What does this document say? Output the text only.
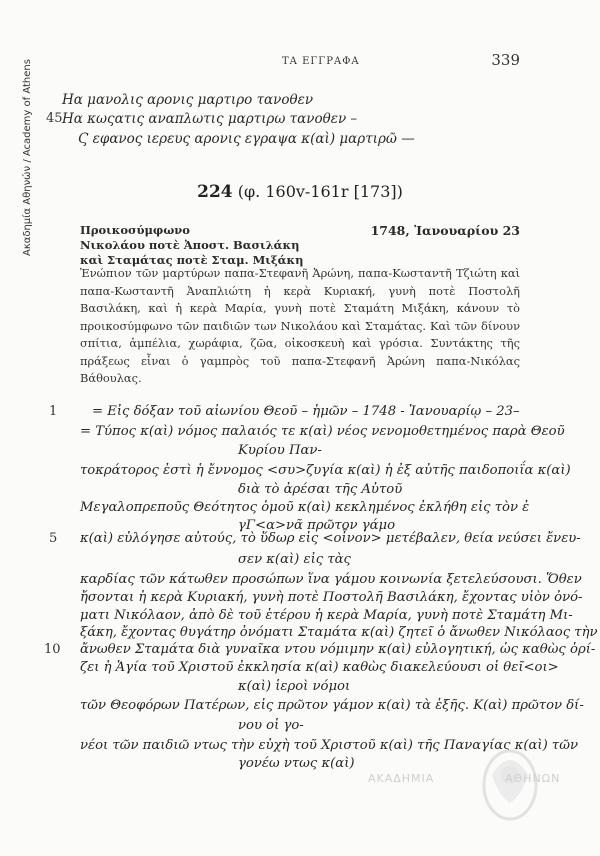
Ακαδημία Αθηνών / Academy of Athens	ΤΑ ΕΓΓΡΑΦΑ	339
45
Ηα μανολις αρονις μαρτιρο τανοθεν
Ηα κωςατις αναπλωτις μαρτιρω τανοθεν –
Ϛ εφανος ιερευς αρονις εγραψα κ(αὶ) μαρτιρῶ —
224 (φ. 160v-161r [173])
Προικοσύμφωνο
Νικολάου ποτὲ Ἀποστ. Βασιλάκη
καὶ Σταμάτας ποτὲ Σταμ. Μιξάκη
1748, Ἰανουαρίου 23
Ἐνώπιον τῶν μαρτύρων παπα-Στεφανῆ Ἀρώνη, παπα-Κωσταντῆ Τζιώτη καὶ παπα-Κωσταντῆ Ἀναπλιώτη ἡ κερὰ Κυριακή, γυνὴ ποτὲ Ποστολῆ Βασιλάκη, καὶ ἡ κερὰ Μαρία, γυνὴ ποτὲ Σταμάτη Μιξάκη, κάνουν τὸ προικοσύμφωνο τῶν παιδιῶν των Νικολάου καὶ Σταμάτας. Καὶ τῶν δίνουν σπίτια, ἀμπέλια, χωράφια, ζῶα, οἰκοσκευὴ καὶ γρόσια. Συντάκτης τῆς πράξεως εἶναι ὁ γαμπρὸς τοῦ παπα-Στεφανῆ Ἀρώνη παπα-Νικόλας Βάθουλας.
1
5
10
= Εἰς δόξαν τοῦ αἰωνίου Θεοῦ – ἡμῶν – 1748 - Ἰανουαρίῳ – 23–
= Τύπος κ(αὶ) νόμος παλαιός τε κ(αὶ) νέος νενομοθετημένος παρὰ Θεοῦ
Κυρίου Παν-
τοκράτορος ἐστὶ ἡ ἔννομος <συ>ζυγία κ(αὶ) ἡ ἐξ αὐτῆς παιδοποιΐα κ(αὶ)
διὰ τὸ ἀρέσαι τῆς Αὐτοῦ
Μεγαλοπρεποῦς Θεότητος ὁμοῦ κ(αὶ) κεκλημένος ἐκλήθη εἰς τὸν ἐ
γΓ<α>νᾶ πρῶτον γάμο
κ(αὶ) εὐλόγησε αὐτούς, τὸ ὕδωρ εἰς <οἶνον> μετέβαλεν, θεία νεύσει ἔνευ-
σεν κ(αὶ) εἰς τὰς
καρδίας τῶν κάτωθεν προσώπων ἵνα γάμου κοινωνία ξετελεύσουσι. Ὅθεν
ἤσονται ἡ κερὰ Κυριακή, γυνὴ ποτὲ Ποστολῆ Βασιλάκη, ἔχοντας υἱὸν ὀνό-
ματι Νικόλαον, ἀπὸ δὲ τοῦ ἑτέρου ἡ κερὰ Μαρία, γυνὴ ποτὲ Σταμάτη Μι-
ξάκη, ἔχοντας θυγάτηρ ὀνόματι Σταμάτα κ(αὶ) ζητεῖ ὁ ἄνωθεν Νικόλαος τὴν
ἄνωθεν Σταμάτα διὰ γυναῖκα ντου νόμιμην κ(αὶ) εὐλογητική, ὡς καθὼς ὁρί-
ζει ἡ Ἁγία τοῦ Χριστοῦ ἐκκλησία κ(αὶ) καθὼς διακελεύουσι οἱ θεῖ<οι>
κ(αὶ) ἱεροὶ νόμοι
τῶν Θεοφόρων Πατέρων, εἰς πρῶτον γάμον κ(αὶ) τὰ ἑξῆς. Κ(αὶ) πρῶτον δί-
νου οἱ γο-
νέοι τῶν παιδιῶ ντως τὴν εὐχὴ τοῦ Χριστοῦ κ(αὶ) τῆς Παναγίας κ(αὶ) τῶν
γονέω ντως κ(αὶ)
ΑΚΑΔΗΜΙΑ	ΑΘΗΝΩΝ
